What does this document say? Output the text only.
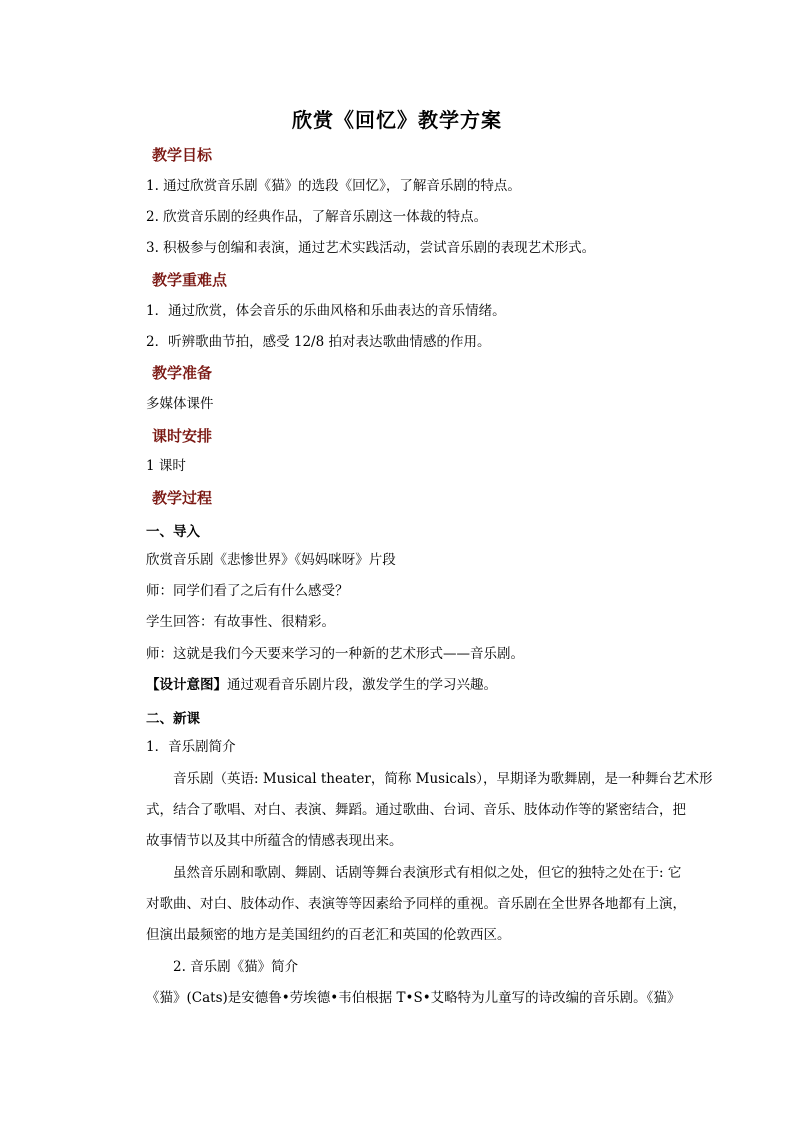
欣赏《回忆》教学方案
教学目标
1. 通过欣赏音乐剧《猫》的选段《回忆》，了解音乐剧的特点。
2. 欣赏音乐剧的经典作品，了解音乐剧这一体裁的特点。
3. 积极参与创编和表演，通过艺术实践活动，尝试音乐剧的表现艺术形式。
教学重难点
1．通过欣赏，体会音乐的乐曲风格和乐曲表达的音乐情绪。
2．听辨歌曲节拍，感受 12/8 拍对表达歌曲情感的作用。
教学准备
多媒体课件
课时安排
1 课时
教学过程
一、导入
欣赏音乐剧《悲惨世界》《妈妈咪呀》片段
师：同学们看了之后有什么感受？
学生回答：有故事性、很精彩。
师：这就是我们今天要来学习的一种新的艺术形式——音乐剧。
【设计意图】通过观看音乐剧片段，激发学生的学习兴趣。
二、新课
1．音乐剧简介
音乐剧（英语: Musical theater，简称 Musicals），早期译为歌舞剧，是一种舞台艺术形
式，结合了歌唱、对白、表演、舞蹈。通过歌曲、台词、音乐、肢体动作等的紧密结合，把
故事情节以及其中所蕴含的情感表现出来。
虽然音乐剧和歌剧、舞剧、话剧等舞台表演形式有相似之处，但它的独特之处在于: 它
对歌曲、对白、肢体动作、表演等等因素给予同样的重视。音乐剧在全世界各地都有上演，
但演出最频密的地方是美国纽约的百老汇和英国的伦敦西区。
2. 音乐剧《猫》简介
《猫》(Cats)是安德鲁•劳埃德•韦伯根据 T•S•艾略特为儿童写的诗改编的音乐剧。《猫》
